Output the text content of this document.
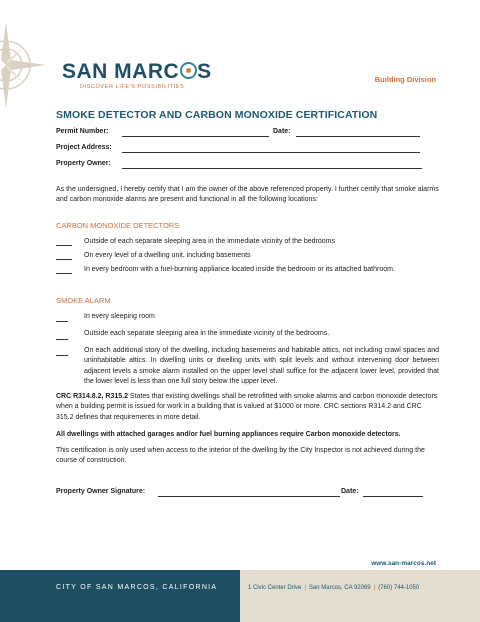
SAN MARC S
DISCOVER LIFE'S POSSIBILITIES
Building Division
SMOKE DETECTOR AND CARBON MONOXIDE CERTIFICATION
Permit Number:	Date:
Project Address:
Property Owner:
As the undersigned, I hereby certify that I am the owner of the above referenced property. I further certify that smoke alarms and carbon monoxide alarms are present and functional in all the following locations:
CARBON MONOXIDE DETECTORS
Outside of each separate sleeping area in the immediate vicinity of the bedrooms
On every level of a dwelling unit, including basements
In every bedroom with a fuel-burning appliance located inside the bedroom or its attached bathroom.
SMOKE ALARM
In every sleeping room
Outside each separate sleeping area in the immediate vicinity of the bedrooms.
On each additional story of the dwelling, including basements and habitable attics, not including crawl spaces and uninhabitable attics. In dwelling units or dwelling units with split levels and without intervening door between adjacent levels a smoke alarm installed on the upper level shall suffice for the adjacent lower level, provided that the lower level is less than one full story below the upper level.
CRC R314.8.2, R315.2 States that existing dwellings shall be retrofitted with smoke alarms and carbon monoxide detectors when a building permit is issued for work in a building that is valued at $1000 or more. CRC sections R314.2 and CRC 315.2 defines that requirements in more detail.
All dwellings with attached garages and/or fuel burning appliances require Carbon monoxide detectors.
This certification is only used when access to the interior of the dwelling by the City Inspector is not achieved during the course of construction.
Property Owner Signature:	Date:
www.san-marcos.net
CITY OF SAN MARCOS, CALIFORNIA	1 Civic Center Drive | San Marcos, CA 92069 | (760) 744-1050
